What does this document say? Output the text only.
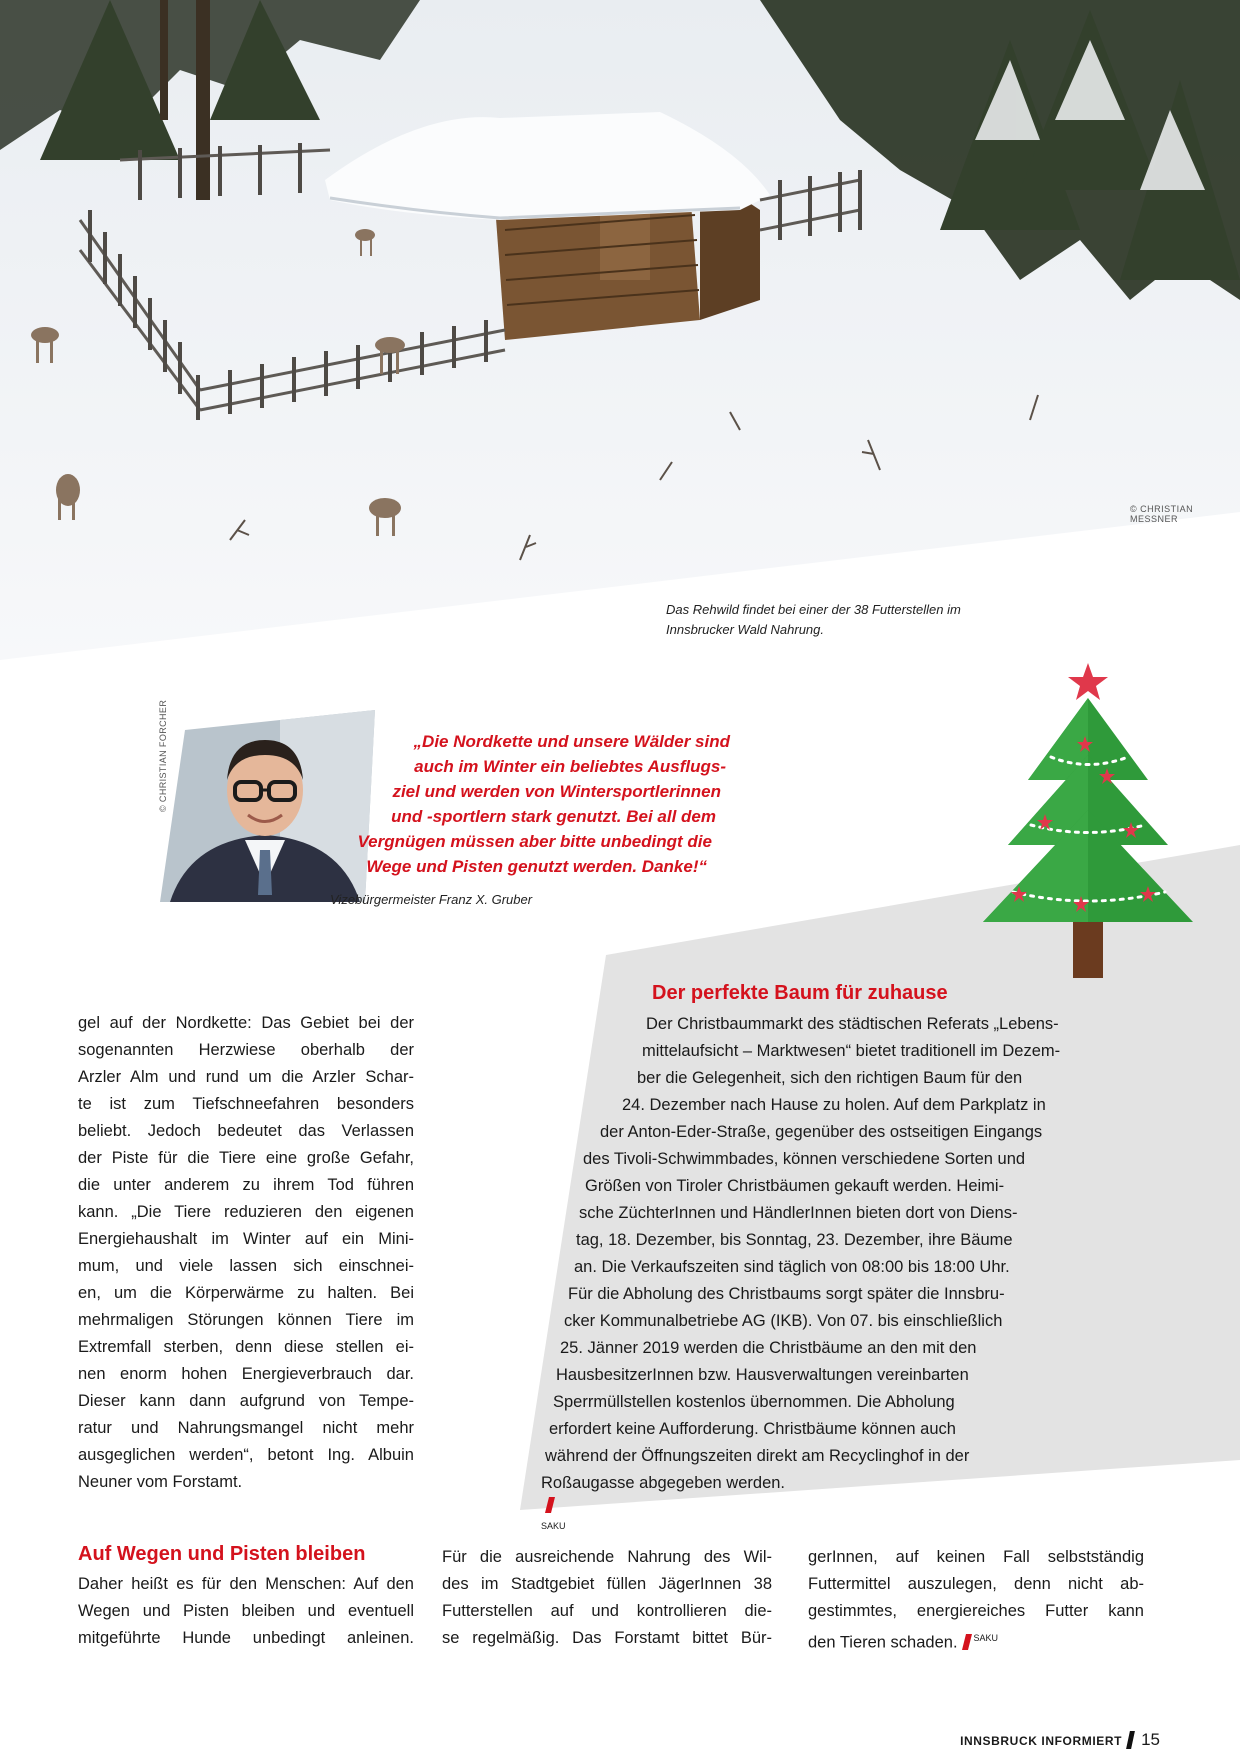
© CHRISTIAN MESSNER
Das Rehwild findet bei einer der 38 Futterstellen im
Innsbrucker Wald Nahrung.
© CHRISTIAN FORCHER	„Die Nordkette und unsere Wälder sind
auch im Winter ein beliebtes Ausflugs-
ziel und werden von Wintersportlerinnen
und -sportlern stark genutzt. Bei all dem
Vergnügen müssen aber bitte unbedingt die
Wege und Pisten genutzt werden. Danke!“
Vizebürgermeister Franz X. Gruber
Der perfekte Baum für zuhause
Der Christbaummarkt des städtischen Referats „Lebens-
mittelaufsicht – Marktwesen“ bietet traditionell im Dezem-
ber die Gelegenheit, sich den richtigen Baum für den
24. Dezember nach Hause zu holen. Auf dem Parkplatz in
der Anton-Eder-Straße, gegenüber des ostseitigen Eingangs
des Tivoli-Schwimmbades, können verschiedene Sorten und
Größen von Tiroler Christbäumen gekauft werden. Heimi-
sche ZüchterInnen und HändlerInnen bieten dort von Diens-
tag, 18. Dezember, bis Sonntag, 23. Dezember, ihre Bäume
an. Die Verkaufszeiten sind täglich von 08:00 bis 18:00 Uhr.
Für die Abholung des Christbaums sorgt später die Innsbru-
cker Kommunalbetriebe AG (IKB). Von 07. bis einschließlich
25. Jänner 2019 werden die Christbäume an den mit den
HausbesitzerInnen bzw. Hausverwaltungen vereinbarten
Sperrmüllstellen kostenlos übernommen. Die Abholung
erfordert keine Aufforderung. Christbäume können auch
während der Öffnungszeiten direkt am Recyclinghof in der
Roßaugasse abgegeben werden.
SAKU
gel auf der Nordkette: Das Gebiet bei der
sogenannten Herzwiese oberhalb der
Arzler Alm und rund um die Arzler Schar-
te ist zum Tiefschneefahren besonders
beliebt. Jedoch bedeutet das Verlassen
der Piste für die Tiere eine große Gefahr,
die unter anderem zu ihrem Tod führen
kann. „Die Tiere reduzieren den eigenen
Energiehaushalt im Winter auf ein Mini-
mum, und viele lassen sich einschnei-
en, um die Körperwärme zu halten. Bei
mehrmaligen Störungen können Tiere im
Extremfall sterben, denn diese stellen ei-
nen enorm hohen Energieverbrauch dar.
Dieser kann dann aufgrund von Tempe-
ratur und Nahrungsmangel nicht mehr
ausgeglichen werden“, betont Ing. Albuin
Neuner vom Forstamt.
Auf Wegen und Pisten bleiben
Daher heißt es für den Menschen: Auf den
Wegen und Pisten bleiben und eventuell
mitgeführte Hunde unbedingt anleinen.
Für die ausreichende Nahrung des Wil-
des im Stadtgebiet füllen JägerInnen 38
Futterstellen auf und kontrollieren die-
se regelmäßig. Das Forstamt bittet Bür-
gerInnen, auf keinen Fall selbstständig
Futtermittel auszulegen, denn nicht ab-
gestimmtes, energiereiches Futter kann
den Tieren schaden. $^{SAKU}$
INNSBRUCK INFORMIERT 15
